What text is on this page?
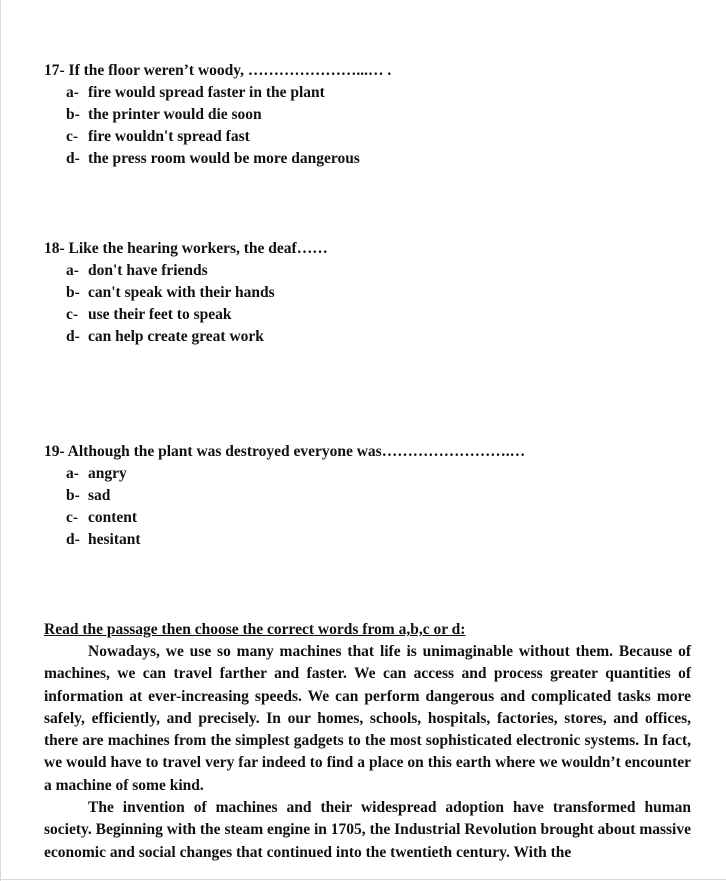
17- If the floor weren’t woody, …………………...… .
a- fire would spread faster in the plant
b- the printer would die soon
c- fire wouldn't spread fast
d- the press room would be more dangerous
18- Like the hearing workers, the deaf……
a- don't have friends
b- can't speak with their hands
c- use their feet to speak
d- can help create great work
19- Although the plant was destroyed everyone was…………………….…
a- angry
b- sad
c- content
d- hesitant
Read the passage then choose the correct words from a,b,c or d:

Nowadays, we use so many machines that life is unimaginable without them. Because of machines, we can travel farther and faster. We can access and process greater quantities of information at ever-increasing speeds. We can perform dangerous and complicated tasks more safely, efficiently, and precisely. In our homes, schools, hospitals, factories, stores, and offices, there are machines from the simplest gadgets to the most sophisticated electronic systems. In fact, we would have to travel very far indeed to find a place on this earth where we wouldn’t encounter a machine of some kind.

The invention of machines and their widespread adoption have transformed human society. Beginning with the steam engine in 1705, the Industrial Revolution brought about massive economic and social changes that continued into the twentieth century. With the
